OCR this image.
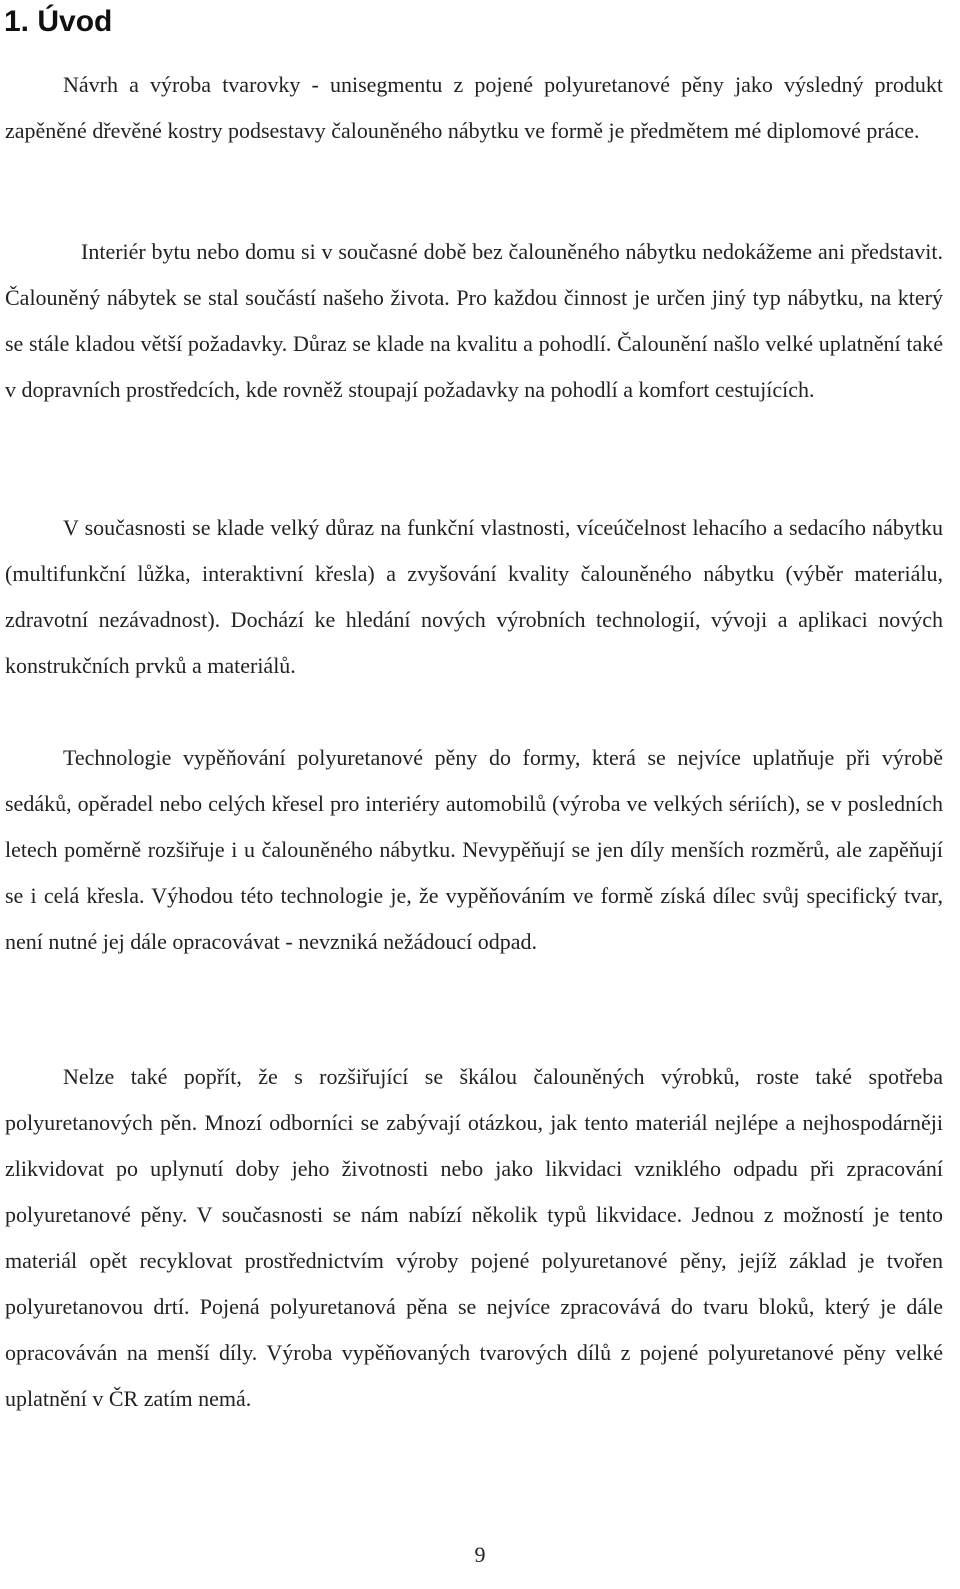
1. Úvod

Návrh a výroba tvarovky - unisegmentu z pojené polyuretanové pěny jako výsledný produkt zapěněné dřevěné kostry podsestavy čalouněného nábytku ve formě je předmětem mé diplomové práce.

Interiér bytu nebo domu si v současné době bez čalouněného nábytku nedokážeme ani představit. Čalouněný nábytek se stal součástí našeho života. Pro každou činnost je určen jiný typ nábytku, na který se stále kladou větší požadavky. Důraz se klade na kvalitu a pohodlí. Čalounění našlo velké uplatnění také v dopravních prostředcích, kde rovněž stoupají požadavky na pohodlí a komfort cestujících.

V současnosti se klade velký důraz na funkční vlastnosti, víceúčelnost lehacího a sedacího nábytku (multifunkční lůžka, interaktivní křesla) a zvyšování kvality čalouněného nábytku (výběr materiálu, zdravotní nezávadnost). Dochází ke hledání nových výrobních technologií, vývoji a aplikaci nových konstrukčních prvků a materiálů.

Technologie vypěňování polyuretanové pěny do formy, která se nejvíce uplatňuje při výrobě sedáků, opěradel nebo celých křesel pro interiéry automobilů (výroba ve velkých sériích), se v posledních letech poměrně rozšiřuje i u čalouněného nábytku. Nevypěňují se jen díly menších rozměrů, ale zapěňují se i celá křesla. Výhodou této technologie je, že vypěňováním ve formě získá dílec svůj specifický tvar, není nutné jej dále opracovávat - nevzniká nežádoucí odpad.

Nelze také popřít, že s rozšiřující se škálou čalouněných výrobků, roste také spotřeba polyuretanových pěn. Mnozí odborníci se zabývají otázkou, jak tento materiál nejlépe a nejhospodárněji zlikvidovat po uplynutí doby jeho životnosti nebo jako likvidaci vzniklého odpadu při zpracování polyuretanové pěny. V současnosti se nám nabízí několik typů likvidace. Jednou z možností je tento materiál opět recyklovat prostřednictvím výroby pojené polyuretanové pěny, jejíž základ je tvořen polyuretanovou drtí. Pojená polyuretanová pěna se nejvíce zpracovává do tvaru bloků, který je dále opracováván na menší díly. Výroba vypěňovaných tvarových dílů z pojené polyuretanové pěny velké uplatnění v ČR zatím nemá.

9
